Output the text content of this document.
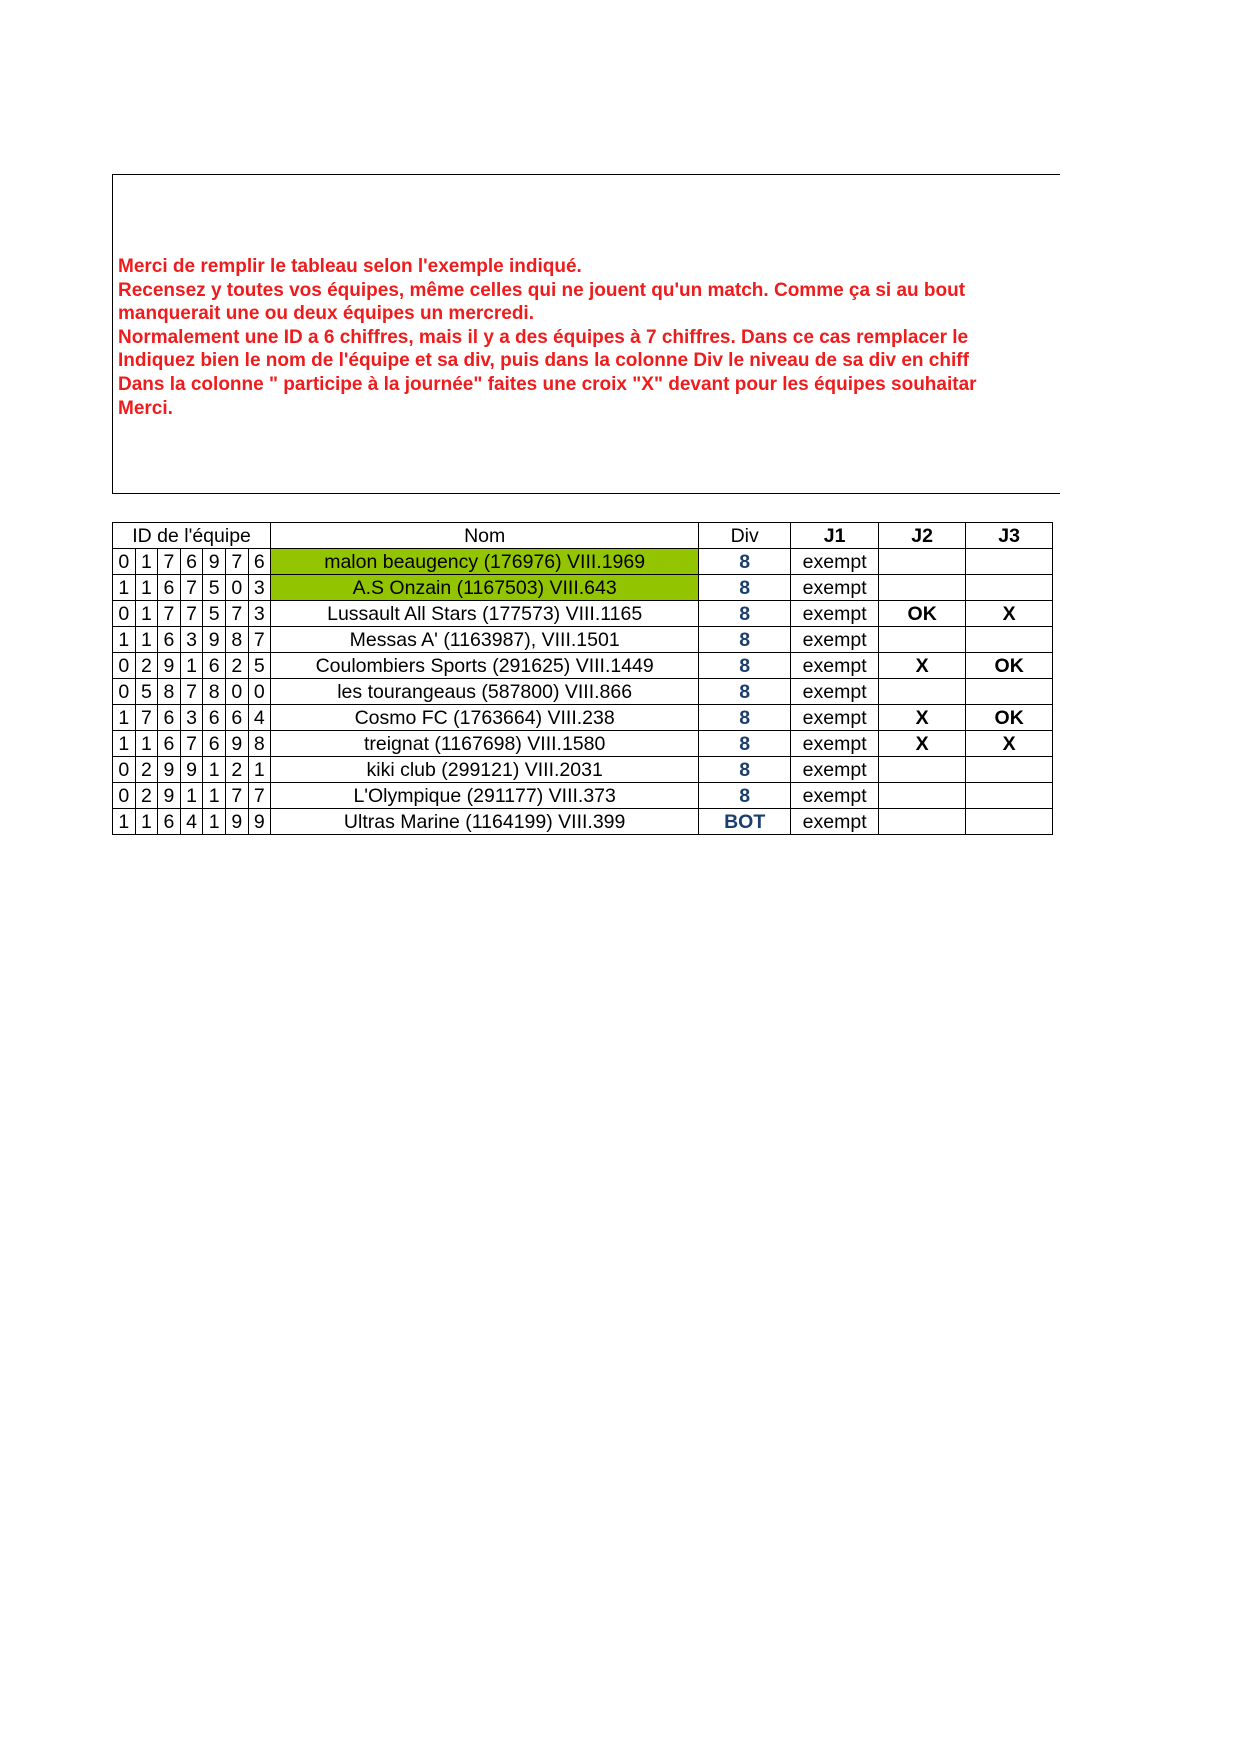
Merci de remplir le tableau selon l'exemple indiqué.
Recensez y toutes vos équipes, même celles qui ne jouent qu'un match. Comme ça si au bout
manquerait une ou deux équipes un mercredi.
Normalement une ID a 6 chiffres, mais il y a des équipes à 7 chiffres. Dans ce cas remplacer le
Indiquez bien le nom de l'équipe et sa div, puis dans la colonne Div le niveau de sa div en chiff
Dans la colonne " participe à la journée" faites une croix "X" devant pour les équipes souhaitar
Merci.
ID de l'équipe							Nom	Div	J1	J2	J3
0	1	7	6	9	7	6	malon beaugency (176976) VIII.1969	8	exempt		
1	1	6	7	5	0	3	A.S Onzain (1167503) VIII.643	8	exempt		
0	1	7	7	5	7	3	Lussault All Stars (177573) VIII.1165	8	exempt	OK	X
1	1	6	3	9	8	7	Messas A' (1163987), VIII.1501	8	exempt		
0	2	9	1	6	2	5	Coulombiers Sports (291625) VIII.1449	8	exempt	X	OK
0	5	8	7	8	0	0	les tourangeaus (587800) VIII.866	8	exempt		
1	7	6	3	6	6	4	Cosmo FC (1763664) VIII.238	8	exempt	X	OK
1	1	6	7	6	9	8	treignat (1167698) VIII.1580	8	exempt	X	X
0	2	9	9	1	2	1	kiki club (299121) VIII.2031	8	exempt		
0	2	9	1	1	7	7	L'Olympique (291177) VIII.373	8	exempt		
1	1	6	4	1	9	9	Ultras Marine (1164199) VIII.399	BOT	exempt		
